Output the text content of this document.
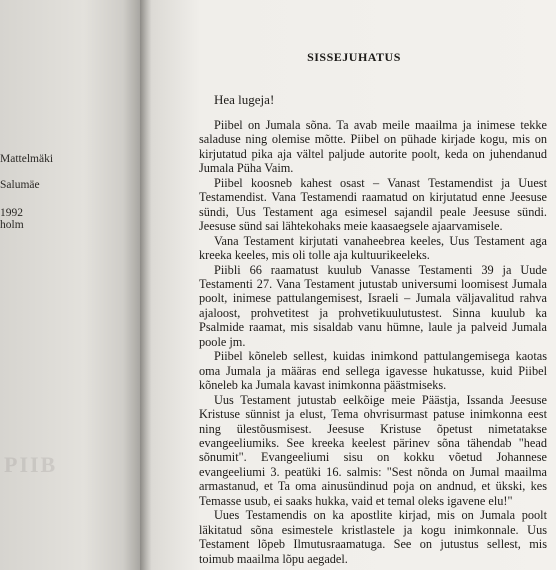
Mattelmäki
Salumäe
1992
holm
PIIB
SISSEJUHATUS
Hea lugeja!

Piibel on Jumala sõna. Ta avab meile maailma ja inimese tekke saladuse ning olemise mõtte. Piibel on pühade kirjade kogu, mis on kirjutatud pika aja vältel paljude autorite poolt, keda on juhendanud Jumala Püha Vaim.

Piibel koosneb kahest osast – Vanast Testamendist ja Uuest Testamendist. Vana Testamendi raamatud on kirjutatud enne Jeesuse sündi, Uus Testament aga esimesel sajandil peale Jeesuse sündi. Jeesuse sünd sai lähtekohaks meie kaasaegsele ajaarvamisele.

Vana Testament kirjutati vanaheebrea keeles, Uus Testament aga kreeka keeles, mis oli tolle aja kultuurikeeleks.

Piibli 66 raamatust kuulub Vanasse Testamenti 39 ja Uude Testamenti 27. Vana Testament jutustab universumi loomisest Jumala poolt, inimese pattulangemisest, Israeli – Jumala väljavalitud rahva ajaloost, prohvetitest ja prohvetikuulutustest. Sinna kuulub ka Psalmide raamat, mis sisaldab vanu hümne, laule ja palveid Jumala poole jm.

Piibel kõneleb sellest, kuidas inimkond pattulangemisega kaotas oma Jumala ja määras end sellega igavesse hukatusse, kuid Piibel kõneleb ka Jumala kavast inimkonna päästmiseks.

Uus Testament jutustab eelkõige meie Päästja, Issanda Jeesuse Kristuse sünnist ja elust, Tema ohvrisurmast patuse inimkonna eest ning ülestõusmisest. Jeesuse Kristuse õpetust nimetatakse evangeeliumiks. See kreeka keelest pärinev sõna tähendab "head sõnumit". Evangeeliumi sisu on kokku võetud Johannese evangeeliumi 3. peatüki 16. salmis: "Sest nõnda on Jumal maailma armastanud, et Ta oma ainusündinud poja on andnud, et ükski, kes Temasse usub, ei saaks hukka, vaid et temal oleks igavene elu!"

Uues Testamendis on ka apostlite kirjad, mis on Jumala poolt läkitatud sõna esimestele kristlastele ja kogu inimkonnale. Uus Testament lõpeb Ilmutusraamatuga. See on jutustus sellest, mis toimub maailma lõpu aegadel.
